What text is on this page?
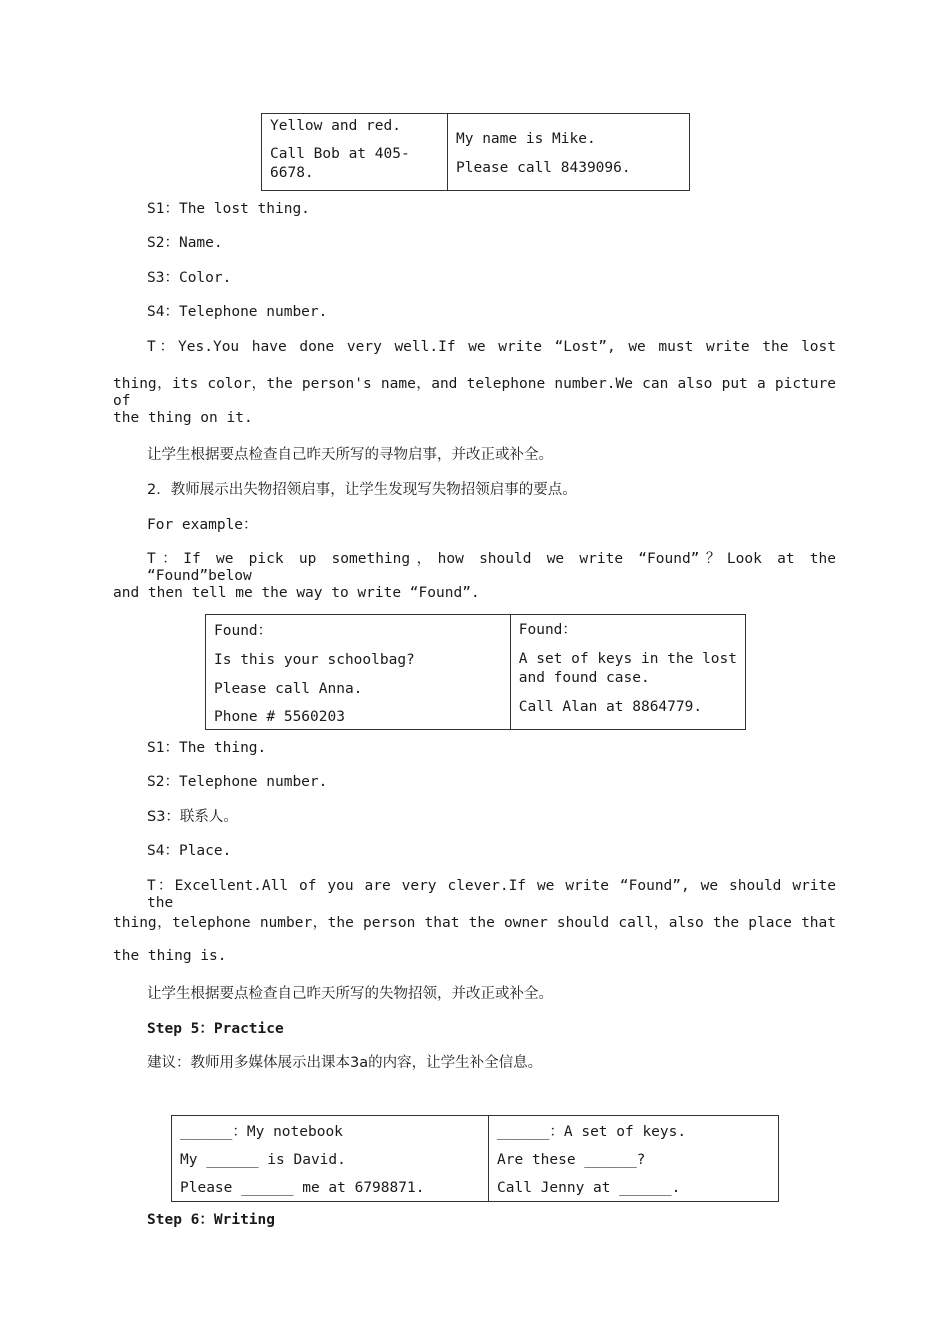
Yellow and red.
Call Bob at 405-
6678.
My name is Mike.
Please call 8439096.
S1：The lost thing.
S2：Name.
S3：Color.
S4：Telephone number.
T：Yes.You have done very well.If we write “Lost”, we must write the lost
thing，its color，the person's name，and telephone number.We can also put a picture of
the thing on it.
让学生根据要点检查自己昨天所写的寻物启事，并改正或补全。
2．教师展示出失物招领启事，让学生发现写失物招领启事的要点。
For example：
T：If we pick up something，how should we write “Found”？Look at the “Found”below
and then tell me the way to write “Found”.
Found：
Is this your schoolbag?
Please call Anna.
Phone # 5560203
Found：
A set of keys in the lost
and found case.
Call Alan at 8864779.
S1：The thing.
S2：Telephone number.
S3：联系人。
S4：Place.
T：Excellent.All of you are very clever.If we write “Found”, we should write the
thing，telephone number，the person that the owner should call，also the place that
the thing is.
让学生根据要点检查自己昨天所写的失物招领，并改正或补全。
Step 5：Practice
建议：教师用多媒体展示出课本3a的内容，让学生补全信息。
______：My notebook
My ______ is David.
Please ______ me at 6798871.
______：A set of keys.
Are these ______?
Call Jenny at ______.
Step 6：Writing
